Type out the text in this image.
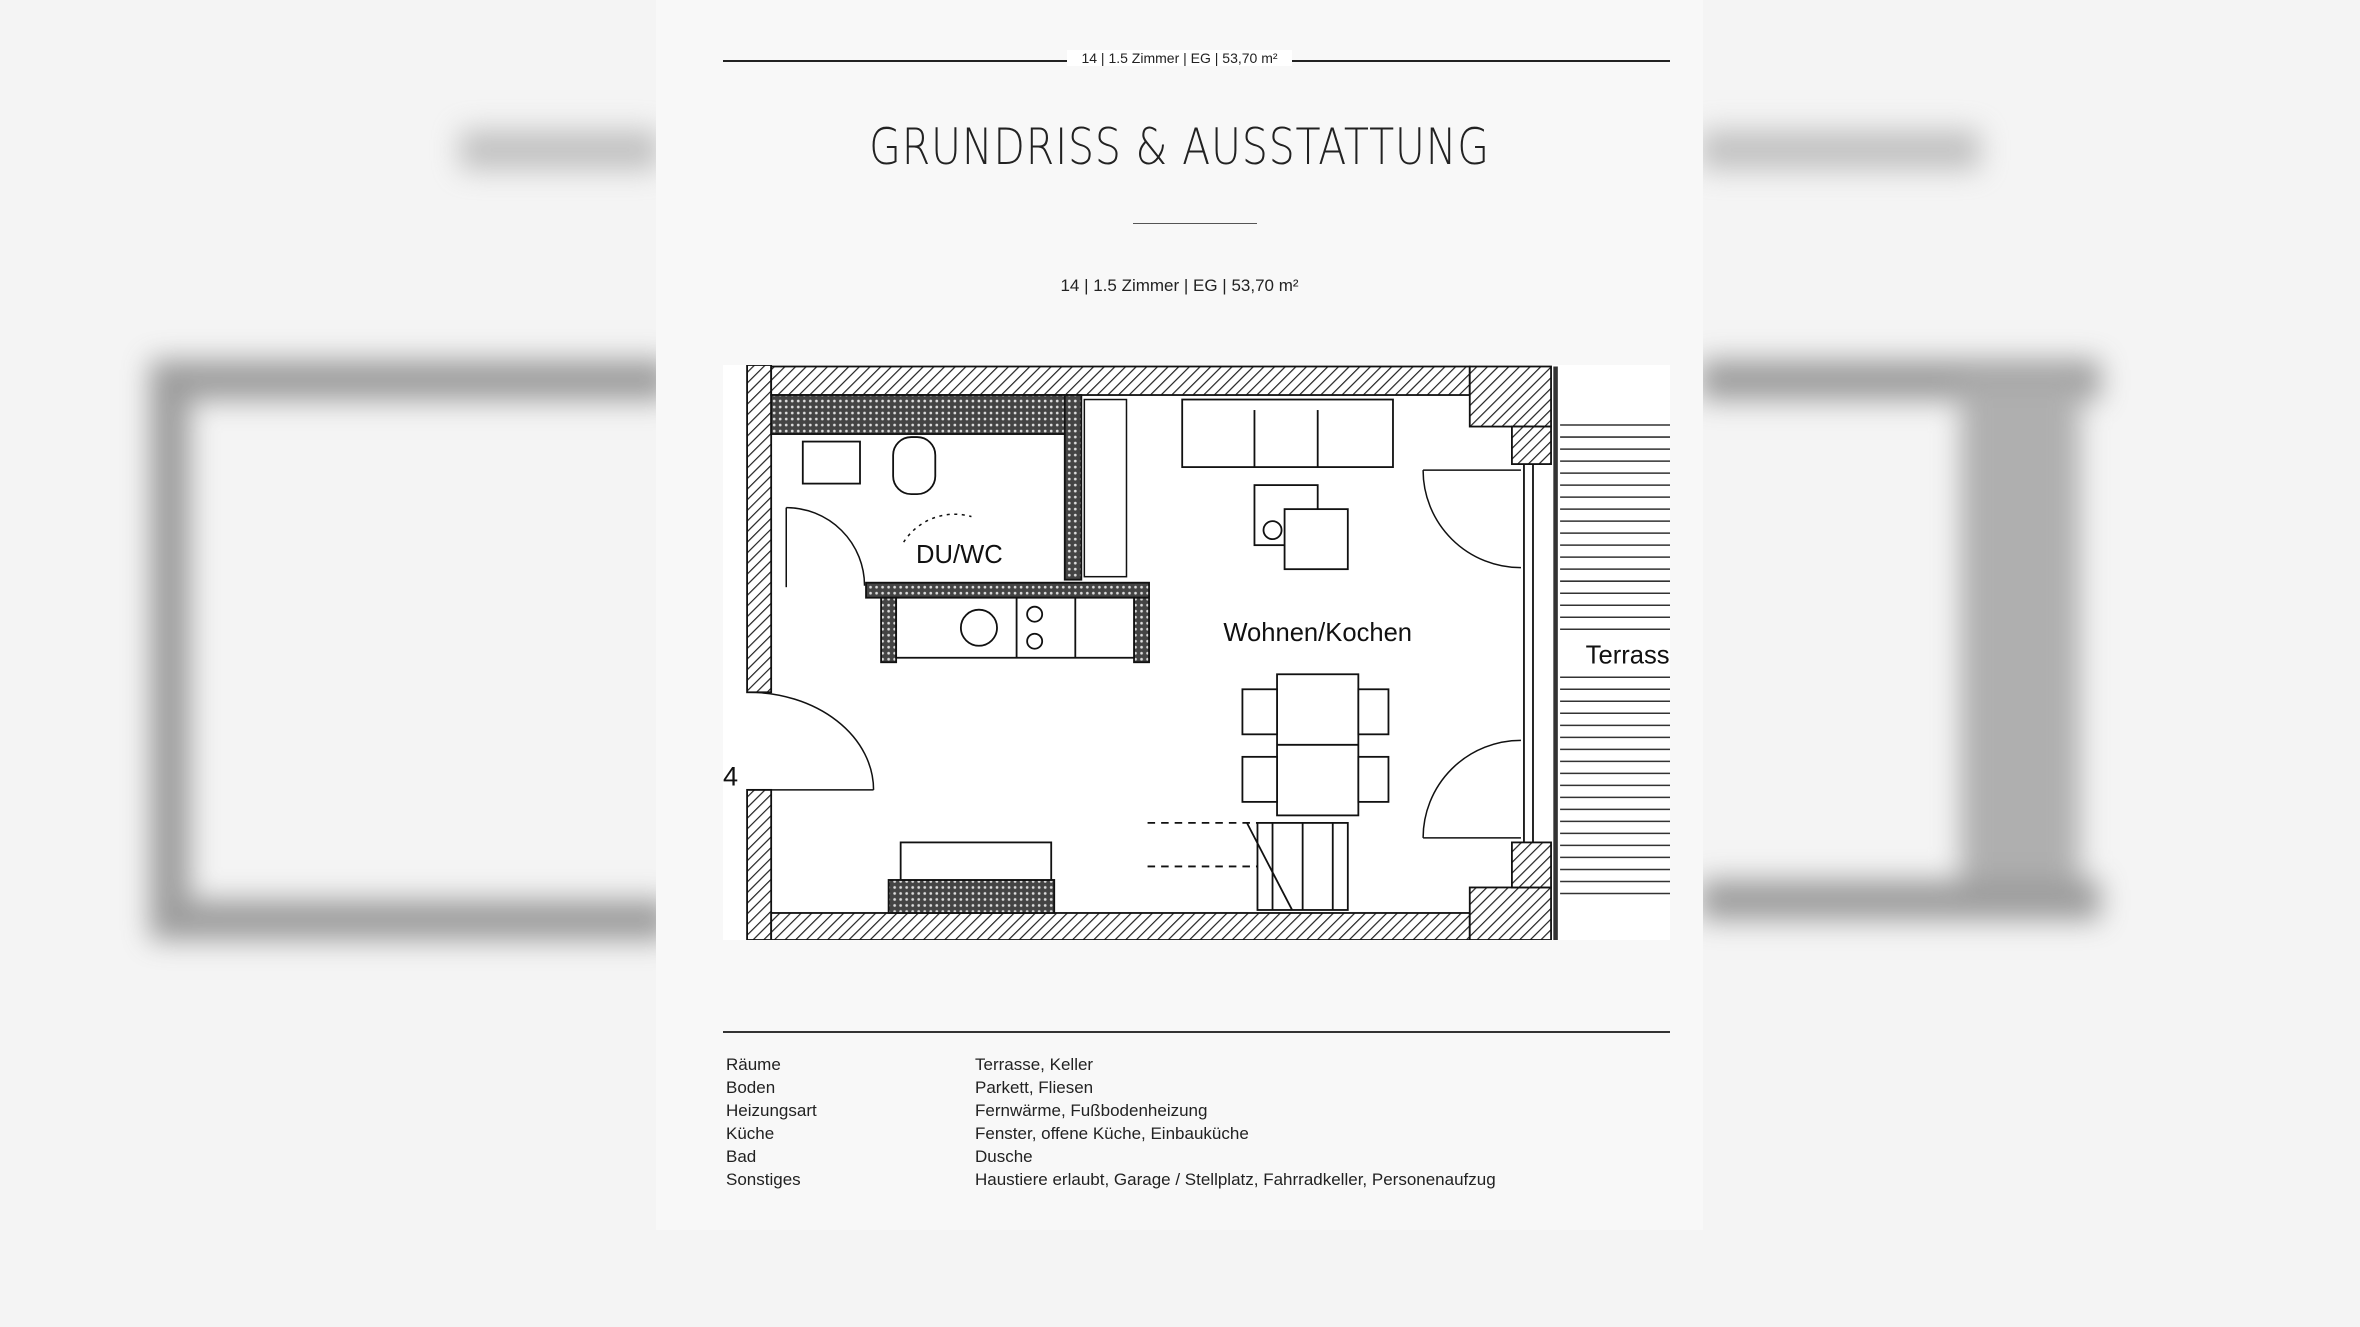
14 | 1.5 Zimmer | EG | 53,70 m²
GRUNDRISS & AUSSTATTUNG
14 | 1.5 Zimmer | EG | 53,70 m²
DU/WC
Wohnen/Kochen
Terrass
4
Räume	Terrasse, Keller
Boden	Parkett, Fliesen
Heizungsart	Fernwärme, Fußbodenheizung
Küche	Fenster, offene Küche, Einbauküche
Bad	Dusche
Sonstiges	Haustiere erlaubt, Garage / Stellplatz, Fahrradkeller, Personenaufzug
